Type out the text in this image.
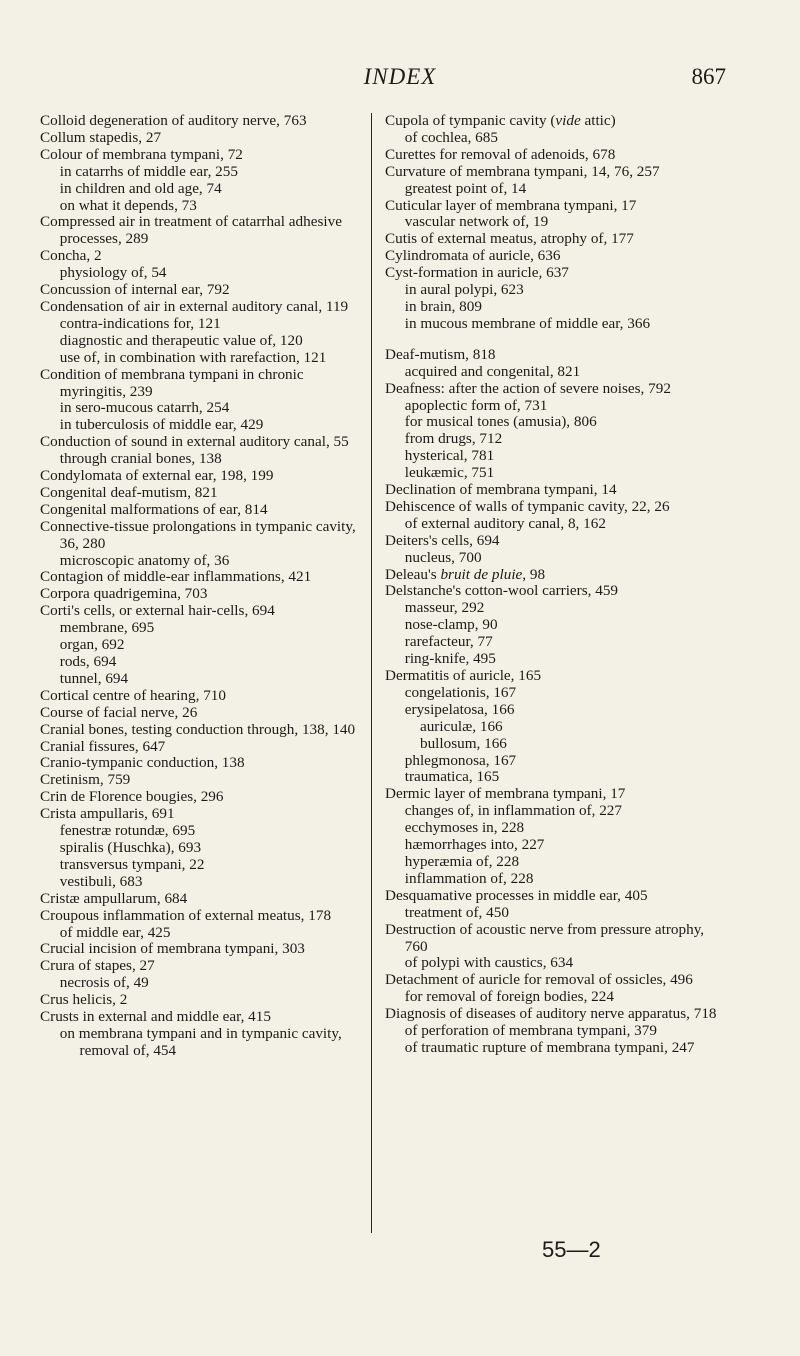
INDEX	867
Colloid degeneration of auditory nerve, 763
Collum stapedis, 27
Colour of membrana tympani, 72
in catarrhs of middle ear, 255
in children and old age, 74
on what it depends, 73
Compressed air in treatment of catarrhal adhesive processes, 289
Concha, 2
physiology of, 54
Concussion of internal ear, 792
Condensation of air in external auditory canal, 119
contra-indications for, 121
diagnostic and therapeutic value of, 120
use of, in combination with rarefaction, 121
Condition of membrana tympani in chronic myringitis, 239
in sero-mucous catarrh, 254
in tuberculosis of middle ear, 429
Conduction of sound in external auditory canal, 55
through cranial bones, 138
Condylomata of external ear, 198, 199
Congenital deaf-mutism, 821
Congenital malformations of ear, 814
Connective-tissue prolongations in tympanic cavity, 36, 280
microscopic anatomy of, 36
Contagion of middle-ear inflammations, 421
Corpora quadrigemina, 703
Corti's cells, or external hair-cells, 694
membrane, 695
organ, 692
rods, 694
tunnel, 694
Cortical centre of hearing, 710
Course of facial nerve, 26
Cranial bones, testing conduction through, 138, 140
Cranial fissures, 647
Cranio-tympanic conduction, 138
Cretinism, 759
Crin de Florence bougies, 296
Crista ampullaris, 691
fenestræ rotundæ, 695
spiralis (Huschka), 693
transversus tympani, 22
vestibuli, 683
Cristæ ampullarum, 684
Croupous inflammation of external meatus, 178
of middle ear, 425
Crucial incision of membrana tympani, 303
Crura of stapes, 27
necrosis of, 49
Crus helicis, 2
Crusts in external and middle ear, 415
on membrana tympani and in tympanic cavity, removal of, 454
Cupola of tympanic cavity (vide attic)
of cochlea, 685
Curettes for removal of adenoids, 678
Curvature of membrana tympani, 14, 76, 257
greatest point of, 14
Cuticular layer of membrana tympani, 17
vascular network of, 19
Cutis of external meatus, atrophy of, 177
Cylindromata of auricle, 636
Cyst-formation in auricle, 637
in aural polypi, 623
in brain, 809
in mucous membrane of middle ear, 366
Deaf-mutism, 818
acquired and congenital, 821
Deafness: after the action of severe noises, 792
apoplectic form of, 731
for musical tones (amusia), 806
from drugs, 712
hysterical, 781
leukæmic, 751
Declination of membrana tympani, 14
Dehiscence of walls of tympanic cavity, 22, 26
of external auditory canal, 8, 162
Deiters's cells, 694
nucleus, 700
Deleau's bruit de pluie, 98
Delstanche's cotton-wool carriers, 459
masseur, 292
nose-clamp, 90
rarefacteur, 77
ring-knife, 495
Dermatitis of auricle, 165
congelationis, 167
erysipelatosa, 166
auriculæ, 166
bullosum, 166
phlegmonosa, 167
traumatica, 165
Dermic layer of membrana tympani, 17
changes of, in inflammation of, 227
ecchymoses in, 228
hæmorrhages into, 227
hyperæmia of, 228
inflammation of, 228
Desquamative processes in middle ear, 405
treatment of, 450
Destruction of acoustic nerve from pressure atrophy, 760
of polypi with caustics, 634
Detachment of auricle for removal of ossicles, 496
for removal of foreign bodies, 224
Diagnosis of diseases of auditory nerve apparatus, 718
of perforation of membrana tympani, 379
of traumatic rupture of membrana tympani, 247
55—2
